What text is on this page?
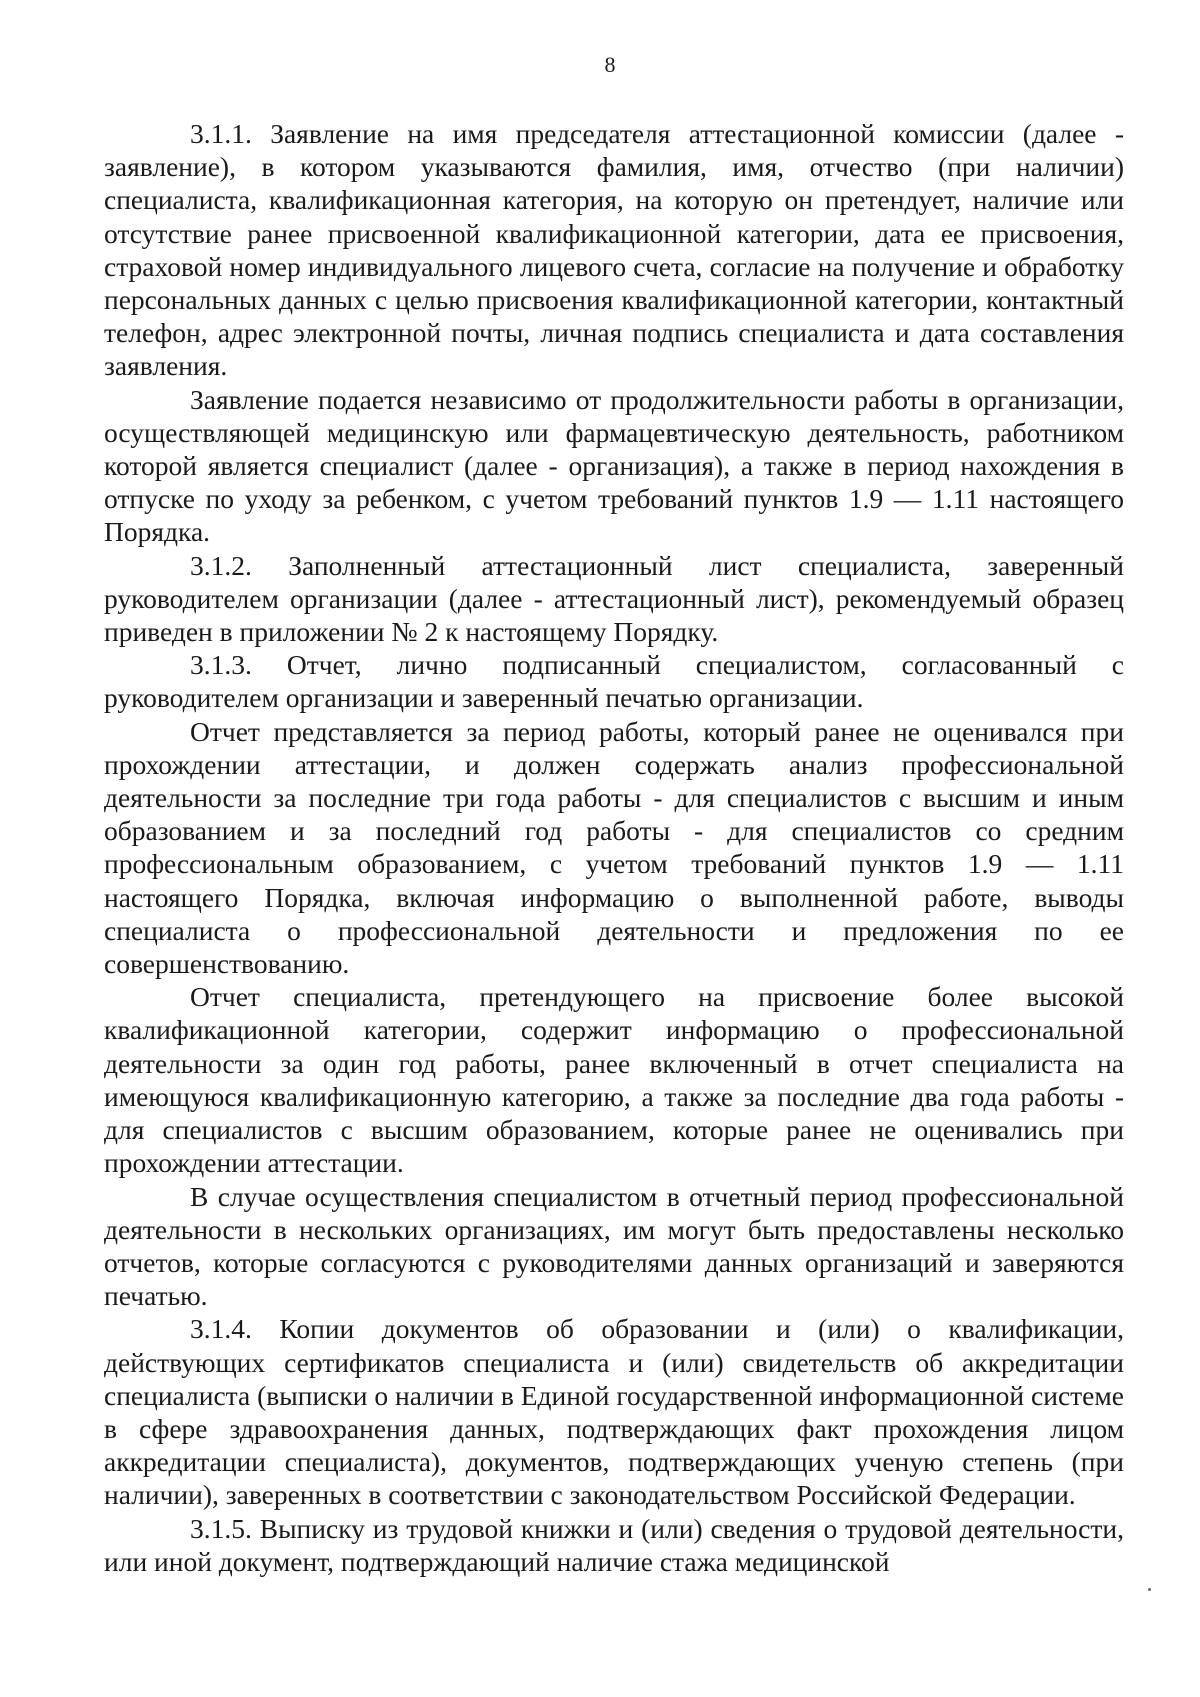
8

3.1.1. Заявление на имя председателя аттестационной комиссии (далее - заявление), в котором указываются фамилия, имя, отчество (при наличии) специалиста, квалификационная категория, на которую он претендует, наличие или отсутствие ранее присвоенной квалификационной категории, дата ее присвоения, страховой номер индивидуального лицевого счета, согласие на получение и обработку персональных данных с целью присвоения квалификационной категории, контактный телефон, адрес электронной почты, личная подпись специалиста и дата составления заявления.

Заявление подается независимо от продолжительности работы в организации, осуществляющей медицинскую или фармацевтическую деятельность, работником которой является специалист (далее - организация), а также в период нахождения в отпуске по уходу за ребенком, с учетом требований пунктов 1.9 — 1.11 настоящего Порядка.

3.1.2. Заполненный аттестационный лист специалиста, заверенный руководителем организации (далее - аттестационный лист), рекомендуемый образец приведен в приложении № 2 к настоящему Порядку.

3.1.3. Отчет, лично подписанный специалистом, согласованный с руководителем организации и заверенный печатью организации.

Отчет представляется за период работы, который ранее не оценивался при прохождении аттестации, и должен содержать анализ профессиональной деятельности за последние три года работы - для специалистов с высшим и иным образованием и за последний год работы - для специалистов со средним профессиональным образованием, с учетом требований пунктов 1.9 — 1.11 настоящего Порядка, включая информацию о выполненной работе, выводы специалиста о профессиональной деятельности и предложения по ее совершенствованию.

Отчет специалиста, претендующего на присвоение более высокой квалификационной категории, содержит информацию о профессиональной деятельности за один год работы, ранее включенный в отчет специалиста на имеющуюся квалификационную категорию, а также за последние два года работы - для специалистов с высшим образованием, которые ранее не оценивались при прохождении аттестации.

В случае осуществления специалистом в отчетный период профессиональной деятельности в нескольких организациях, им могут быть предоставлены несколько отчетов, которые согласуются с руководителями данных организаций и заверяются печатью.

3.1.4. Копии документов об образовании и (или) о квалификации, действующих сертификатов специалиста и (или) свидетельств об аккредитации специалиста (выписки о наличии в Единой государственной информационной системе в сфере здравоохранения данных, подтверждающих факт прохождения лицом аккредитации специалиста), документов, подтверждающих ученую степень (при наличии), заверенных в соответствии с законодательством Российской Федерации.

3.1.5. Выписку из трудовой книжки и (или) сведения о трудовой деятельности, или иной документ, подтверждающий наличие стажа медицинской
